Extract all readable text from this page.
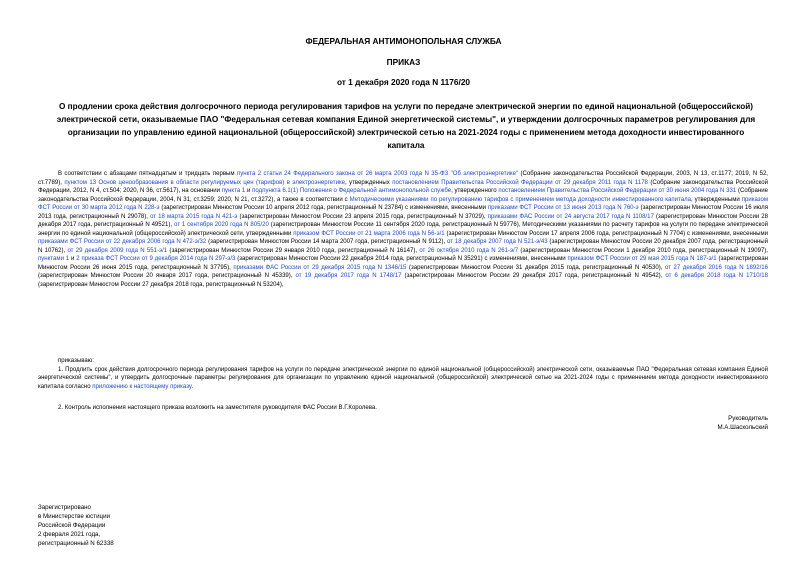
ФЕДЕРАЛЬНАЯ АНТИМОНОПОЛЬНАЯ СЛУЖБА
ПРИКАЗ
от 1 декабря 2020 года N 1176/20
О продлении срока действия долгосрочного периода регулирования тарифов на услуги по передаче электрической энергии по единой национальной (общероссийской) электрической сети, оказываемые ПАО "Федеральная сетевая компания Единой энергетической системы", и утверждении долгосрочных параметров регулирования для организации по управлению единой национальной (общероссийской) электрической сетью на 2021-2024 годы с применением метода доходности инвестированного капитала

В соответствии с абзацами пятнадцатым и тридцать первым пункта 2 статьи 24 Федерального закона от 26 марта 2003 года N 35-ФЗ "Об электроэнергетике" (Собрание законодательства Российской Федерации, 2003, N 13, ст.1177; 2019, N 52, ст.7789), пунктом 13 Основ ценообразования в области регулируемых цен (тарифов) в электроэнергетике, утвержденных постановлением Правительства Российской Федерации от 29 декабря 2011 года N 1178 (Собрание законодательства Российской Федерации, 2012, N 4, ст.504; 2020, N 36, ст.5617), на основании пункта 1 и подпункта 6.1(1) Положения о Федеральной антимонопольной службе, утвержденного постановлением Правительства Российской Федерации от 30 июня 2004 года N 331 (Собрание законодательства Российской Федерации, 2004, N 31, ст.3259; 2020, N 21, ст.3272), а также в соответствии с Методическими указаниями по регулированию тарифов с применением метода доходности инвестированного капитала, утвержденными приказом ФСТ России от 30 марта 2012 года N 228-э (зарегистрирован Минюстом России 10 апреля 2012 года, регистрационный N 23784) с изменениями, внесенными приказами ФСТ России от 13 июня 2013 года N 760-э (зарегистрирован Минюстом России 16 июля 2013 года, регистрационный N 29078), от 18 марта 2015 года N 421-э (зарегистрирован Минюстом России 23 апреля 2015 года, регистрационный N 37029), приказами ФАС России от 24 августа 2017 года N 1108/17 (зарегистрирован Минюстом России 28 декабря 2017 года, регистрационный N 49521), от 1 сентября 2020 года N 805/20 (зарегистрирован Минюстом России 11 сентября 2020 года, регистрационный N 59776), Методическими указаниями по расчету тарифов на услуги по передаче электрической энергии по единой национальной (общероссийской) электрической сети, утвержденными приказом ФСТ России от 21 марта 2006 года N 56-э/1 (зарегистрирован Минюстом России 17 апреля 2006 года, регистрационный N 7704) с изменениями, внесенными приказами ФСТ России от 22 декабря 2006 года N 472-э/32 (зарегистрирован Минюстом России 14 марта 2007 года, регистрационный N 9112), от 18 декабря 2007 года N 521-э/43 (зарегистрирован Минюстом России 20 декабря 2007 года, регистрационный N 10762), от 29 декабря 2009 года N 551-э/1 (зарегистрирован Минюстом России 29 января 2010 года, регистрационный N 16147), от 26 октября 2010 года N 261-э/7 (зарегистрирован Минюстом России 1 декабря 2010 года, регистрационный N 19097), пунктами 1 и 2 приказа ФСТ России от 9 декабря 2014 года N 297-э/3 (зарегистрирован Минюстом России 22 декабря 2014 года, регистрационный N 35291) с изменениями, внесенными приказом ФСТ России от 29 мая 2015 года N 187-э/1 (зарегистрирован Минюстом России 26 июня 2015 года, регистрационный N 37795), приказами ФАС России от 29 декабря 2015 года N 1346/15 (зарегистрирован Минюстом России 31 декабря 2015 года, регистрационный N 40530), от 27 декабря 2016 года N 1892/16 (зарегистрирован Минюстом России 20 января 2017 года, регистрационный N 45339), от 19 декабря 2017 года N 1748/17 (зарегистрирован Минюстом России 29 декабря 2017 года, регистрационный N 49542), от 6 декабря 2018 года N 1710/18 (зарегистрирован Минюстом России 27 декабря 2018 года, регистрационный N 53204),

приказываю:

1. Продлить срок действия долгосрочного периода регулирования тарифов на услуги по передаче электрической энергии по единой национальной (общероссийской) электрической сети, оказываемые ПАО "Федеральная сетевая компания Единой энергетической системы", и утвердить долгосрочные параметры регулирования для организации по управлению единой национальной (общероссийской) электрической сетью на 2021-2024 годы с применением метода доходности инвестированного капитала согласно приложению к настоящему приказу.

2. Контроль исполнения настоящего приказа возложить на заместителя руководителя ФАС России В.Г.Королева.

Руководитель
М.А.Шаскольский
Зарегистрировано
в Министерстве юстиции
Российской Федерации
2 февраля 2021 года,
регистрационный N 62338
